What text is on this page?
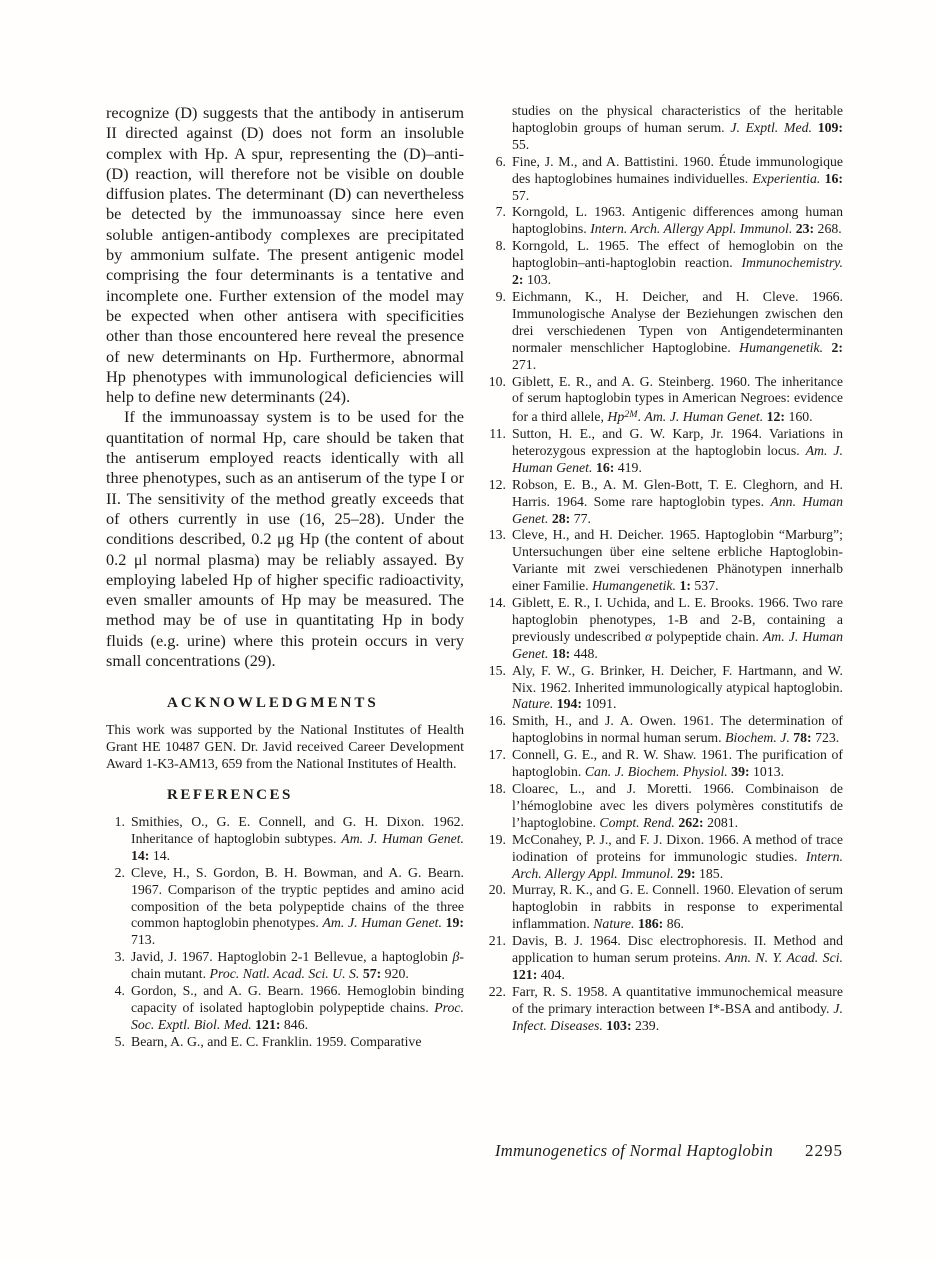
recognize (D) suggests that the antibody in antiserum II directed against (D) does not form an insoluble complex with Hp. A spur, representing the (D)–anti-(D) reaction, will therefore not be visible on double diffusion plates. The determinant (D) can nevertheless be detected by the immunoassay since here even soluble antigen-antibody complexes are precipitated by ammonium sulfate. The present antigenic model comprising the four determinants is a tentative and incomplete one. Further extension of the model may be expected when other antisera with specificities other than those encountered here reveal the presence of new determinants on Hp. Furthermore, abnormal Hp phenotypes with immunological deficiencies will help to define new determinants (24).

If the immunoassay system is to be used for the quantitation of normal Hp, care should be taken that the antiserum employed reacts identically with all three phenotypes, such as an antiserum of the type I or II. The sensitivity of the method greatly exceeds that of others currently in use (16, 25–28). Under the conditions described, 0.2 μg Hp (the content of about 0.2 μl normal plasma) may be reliably assayed. By employing labeled Hp of higher specific radioactivity, even smaller amounts of Hp may be measured. The method may be of use in quantitating Hp in body fluids (e.g. urine) where this protein occurs in very small concentrations (29).

ACKNOWLEDGMENTS

This work was supported by the National Institutes of Health Grant HE 10487 GEN. Dr. Javid received Career Development Award 1-K3-AM13, 659 from the National Institutes of Health.

REFERENCES
1. Smithies, O., G. E. Connell, and G. H. Dixon. 1962. Inheritance of haptoglobin subtypes. Am. J. Human Genet. 14: 14.
2. Cleve, H., S. Gordon, B. H. Bowman, and A. G. Bearn. 1967. Comparison of the tryptic peptides and amino acid composition of the beta polypeptide chains of the three common haptoglobin phenotypes. Am. J. Human Genet. 19: 713.
3. Javid, J. 1967. Haptoglobin 2-1 Bellevue, a haptoglobin β-chain mutant. Proc. Natl. Acad. Sci. U. S. 57: 920.
4. Gordon, S., and A. G. Bearn. 1966. Hemoglobin binding capacity of isolated haptoglobin polypeptide chains. Proc. Soc. Exptl. Biol. Med. 121: 846.
5. Bearn, A. G., and E. C. Franklin. 1959. Comparative

studies on the physical characteristics of the heritable haptoglobin groups of human serum. J. Exptl. Med. 109: 55.

6. Fine, J. M., and A. Battistini. 1960. Étude immunologique des haptoglobines humaines individuelles. Experientia. 16: 57.
7. Korngold, L. 1963. Antigenic differences among human haptoglobins. Intern. Arch. Allergy Appl. Immunol. 23: 268.
8. Korngold, L. 1965. The effect of hemoglobin on the haptoglobin–anti-haptoglobin reaction. Immunochemistry. 2: 103.
9. Eichmann, K., H. Deicher, and H. Cleve. 1966. Immunologische Analyse der Beziehungen zwischen den drei verschiedenen Typen von Antigendeterminanten normaler menschlicher Haptoglobine. Humangenetik. 2: 271.
10. Giblett, E. R., and A. G. Steinberg. 1960. The inheritance of serum haptoglobin types in American Negroes: evidence for a third allele, $Hp^{2M}$. Am. J. Human Genet. 12: 160.
11. Sutton, H. E., and G. W. Karp, Jr. 1964. Variations in heterozygous expression at the haptoglobin locus. Am. J. Human Genet. 16: 419.
12. Robson, E. B., A. M. Glen-Bott, T. E. Cleghorn, and H. Harris. 1964. Some rare haptoglobin types. Ann. Human Genet. 28: 77.
13. Cleve, H., and H. Deicher. 1965. Haptoglobin “Marburg”; Untersuchungen über eine seltene erbliche Haptoglobin-Variante mit zwei verschiedenen Phänotypen innerhalb einer Familie. Humangenetik. 1: 537.
14. Giblett, E. R., I. Uchida, and L. E. Brooks. 1966. Two rare haptoglobin phenotypes, 1-B and 2-B, containing a previously undescribed α polypeptide chain. Am. J. Human Genet. 18: 448.
15. Aly, F. W., G. Brinker, H. Deicher, F. Hartmann, and W. Nix. 1962. Inherited immunologically atypical haptoglobin. Nature. 194: 1091.
16. Smith, H., and J. A. Owen. 1961. The determination of haptoglobins in normal human serum. Biochem. J. 78: 723.
17. Connell, G. E., and R. W. Shaw. 1961. The purification of haptoglobin. Can. J. Biochem. Physiol. 39: 1013.
18. Cloarec, L., and J. Moretti. 1966. Combinaison de l’hémoglobine avec les divers polymères constitutifs de l’haptoglobine. Compt. Rend. 262: 2081.
19. McConahey, P. J., and F. J. Dixon. 1966. A method of trace iodination of proteins for immunologic studies. Intern. Arch. Allergy Appl. Immunol. 29: 185.
20. Murray, R. K., and G. E. Connell. 1960. Elevation of serum haptoglobin in rabbits in response to experimental inflammation. Nature. 186: 86.
21. Davis, B. J. 1964. Disc electrophoresis. II. Method and application to human serum proteins. Ann. N. Y. Acad. Sci. 121: 404.
22. Farr, R. S. 1958. A quantitative immunochemical measure of the primary interaction between I*-BSA and antibody. J. Infect. Diseases. 103: 239.
Immunogenetics of Normal Haptoglobin 2295
